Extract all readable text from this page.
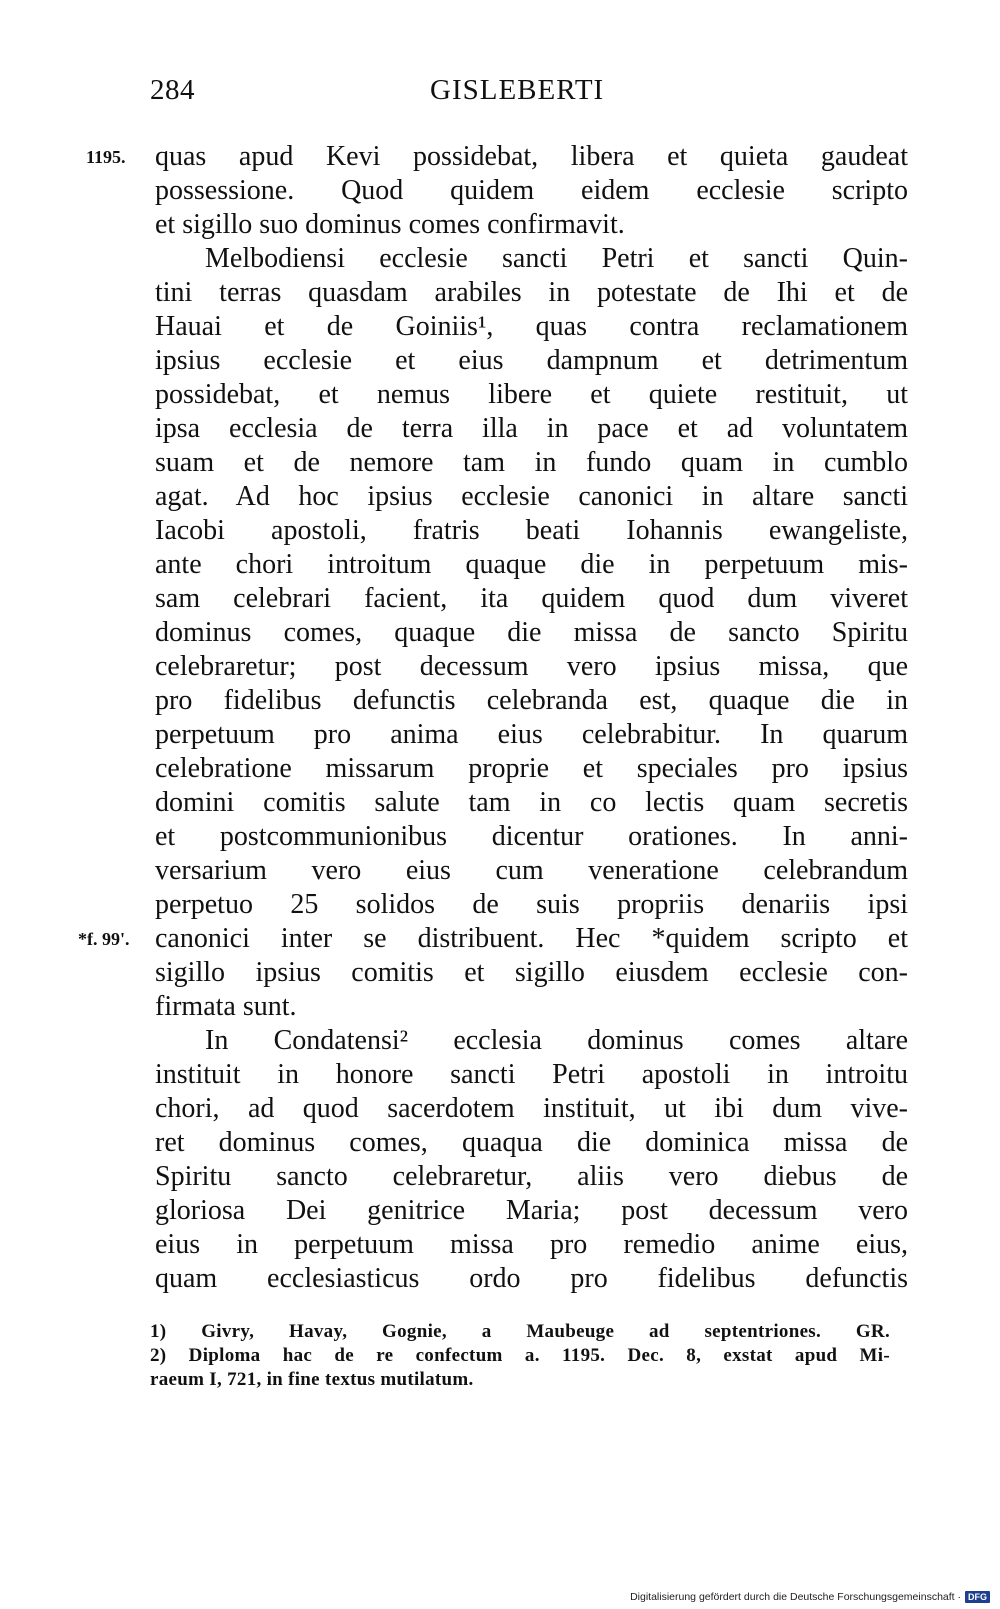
284	GISLEBERTI
1195.
*f. 99'.
quas apud Kevi possidebat, libera et quieta gaudeat
possessione. Quod quidem eidem ecclesie scripto
et sigillo suo dominus comes confirmavit.
Melbodiensi ecclesie sancti Petri et sancti Quin-
tini terras quasdam arabiles in potestate de Ihi et de
Hauai et de Goiniis¹, quas contra reclamationem
ipsius ecclesie et eius dampnum et detrimentum
possidebat, et nemus libere et quiete restituit, ut
ipsa ecclesia de terra illa in pace et ad voluntatem
suam et de nemore tam in fundo quam in cumblo
agat. Ad hoc ipsius ecclesie canonici in altare sancti
Iacobi apostoli, fratris beati Iohannis ewangeliste,
ante chori introitum quaque die in perpetuum mis-
sam celebrari facient, ita quidem quod dum viveret
dominus comes, quaque die missa de sancto Spiritu
celebraretur; post decessum vero ipsius missa, que
pro fidelibus defunctis celebranda est, quaque die in
perpetuum pro anima eius celebrabitur. In quarum
celebratione missarum proprie et speciales pro ipsius
domini comitis salute tam in co lectis quam secretis
et postcommunionibus dicentur orationes. In anni-
versarium vero eius cum veneratione celebrandum
perpetuo 25 solidos de suis propriis denariis ipsi
canonici inter se distribuent. Hec *quidem scripto et
sigillo ipsius comitis et sigillo eiusdem ecclesie con-
firmata sunt.
In Condatensi² ecclesia dominus comes altare
instituit in honore sancti Petri apostoli in introitu
chori, ad quod sacerdotem instituit, ut ibi dum vive-
ret dominus comes, quaqua die dominica missa de
Spiritu sancto celebraretur, aliis vero diebus de
gloriosa Dei genitrice Maria; post decessum vero
eius in perpetuum missa pro remedio anime eius,
quam ecclesiasticus ordo pro fidelibus defunctis
1) Givry, Havay, Gognie, a Maubeuge ad septentriones. GR.
2) Diploma hac de re confectum a. 1195. Dec. 8, exstat apud Mi-
raeum I, 721, in fine textus mutilatum.
Digitalisierung gefördert durch die Deutsche Forschungsgemeinschaft · DFG
